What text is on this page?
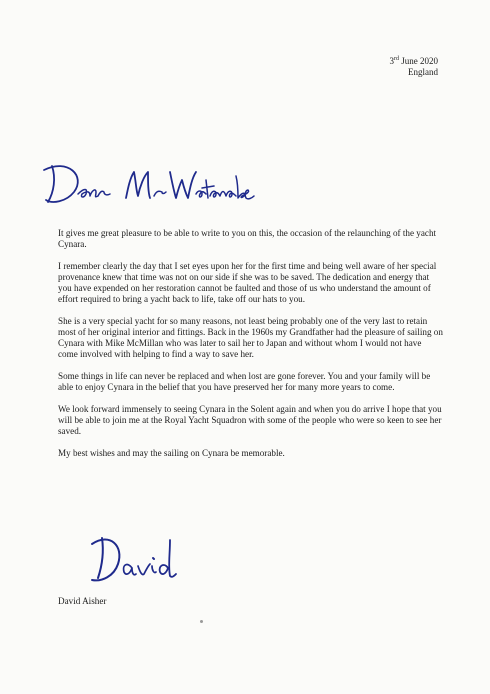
3rd June 2020
England

It gives me great pleasure to be able to write to you on this, the occasion of the relaunching of the yacht Cynara.

I remember clearly the day that I set eyes upon her for the first time and being well aware of her special provenance knew that time was not on our side if she was to be saved. The dedication and energy that you have expended on her restoration cannot be faulted and those of us who understand the amount of effort required to bring a yacht back to life, take off our hats to you.

She is a very special yacht for so many reasons, not least being probably one of the very last to retain most of her original interior and fittings. Back in the 1960s my Grandfather had the pleasure of sailing on Cynara with Mike McMillan who was later to sail her to Japan and without whom I would not have come involved with helping to find a way to save her.

Some things in life can never be replaced and when lost are gone forever. You and your family will be able to enjoy Cynara in the belief that you have preserved her for many more years to come.

We look forward immensely to seeing Cynara in the Solent again and when you do arrive I hope that you will be able to join me at the Royal Yacht Squadron with some of the people who were so keen to see her saved.

My best wishes and may the sailing on Cynara be memorable.

David Aisher
